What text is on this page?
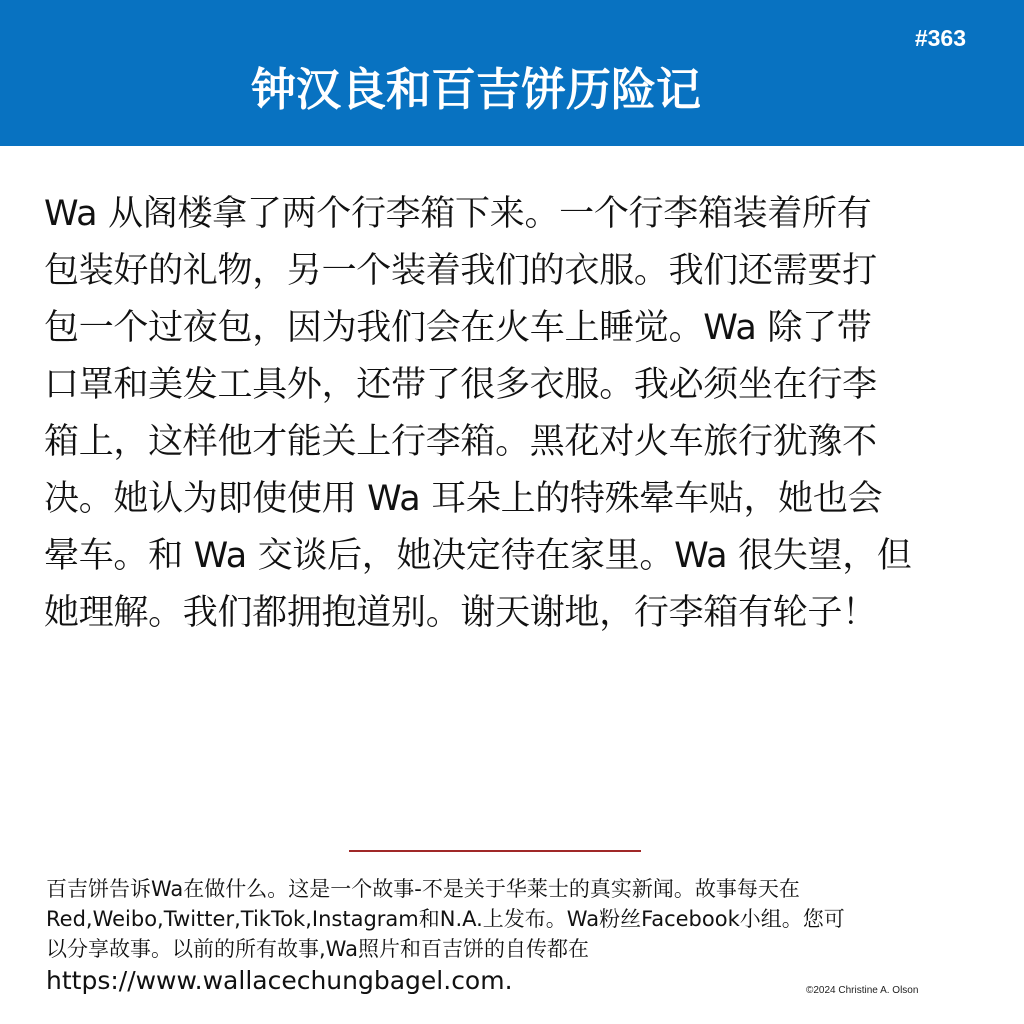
#363
钟汉良和百吉饼历险记
Wa 从阁楼拿了两个行李箱下来。一个行李箱装着所有
包装好的礼物，另一个装着我们的衣服。我们还需要打
包一个过夜包，因为我们会在火车上睡觉。Wa 除了带
口罩和美发工具外，还带了很多衣服。我必须坐在行李
箱上，这样他才能关上行李箱。黑花对火车旅行犹豫不
决。她认为即使使用 Wa 耳朵上的特殊晕车贴，她也会
晕车。和 Wa 交谈后，她决定待在家里。Wa 很失望，但
她理解。我们都拥抱道别。谢天谢地，行李箱有轮子！
百吉饼告诉Wa在做什么。这是一个故事-不是关于华莱士的真实新闻。故事每天在
Red,Weibo,Twitter,TikTok,Instagram和N.A.上发布。Wa粉丝Facebook小组。您可
以分享故事。以前的所有故事,Wa照片和百吉饼的自传都在
https://www.wallacechungbagel.com.	©2024 Christine A. Olson
